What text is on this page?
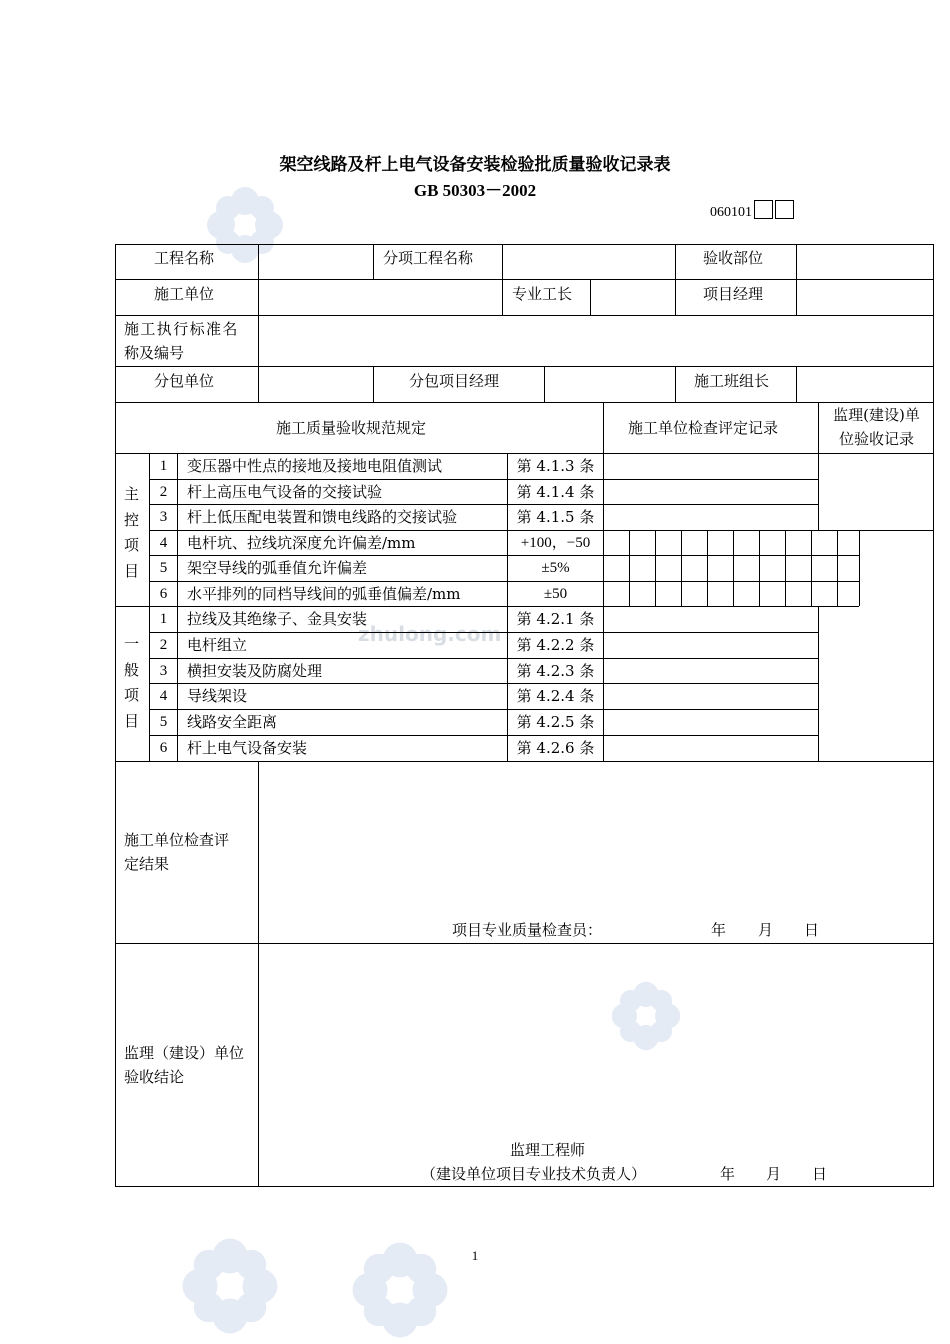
zhulong.com
架空线路及杆上电气设备安装检验批质量验收记录表
GB 50303－2002
060101
工程名称	分项工程名称	验收部位
施工单位	专业工长	项目经理
施工执行标准名
称及编号
分包单位	分包项目经理	施工班组长
施工质量验收规范规定	施工单位检查评定记录
监理(建设)单
位验收记录
主
控
项
目
1	变压器中性点的接地及接地电阻值测试	第 4.1.3 条
2	杆上高压电气设备的交接试验	第 4.1.4 条
3	杆上低压配电装置和馈电线路的交接试验	第 4.1.5 条
4	电杆坑、拉线坑深度允许偏差/mm	+100，−50
5	架空导线的弧垂值允许偏差	±5%
6	水平排列的同档导线间的弧垂值偏差/mm	±50
一
般
项
目
1	拉线及其绝缘子、金具安装	第 4.2.1 条
2	电杆组立	第 4.2.2 条
3	横担安装及防腐处理	第 4.2.3 条
4	导线架设	第 4.2.4 条
5	线路安全距离	第 4.2.5 条
6	杆上电气设备安装	第 4.2.6 条
施工单位检查评
定结果
项目专业质量检查员：	年 月 日
监理（建设）单位
验收结论
监理工程师
（建设单位项目专业技术负责人）	年 月 日
1
